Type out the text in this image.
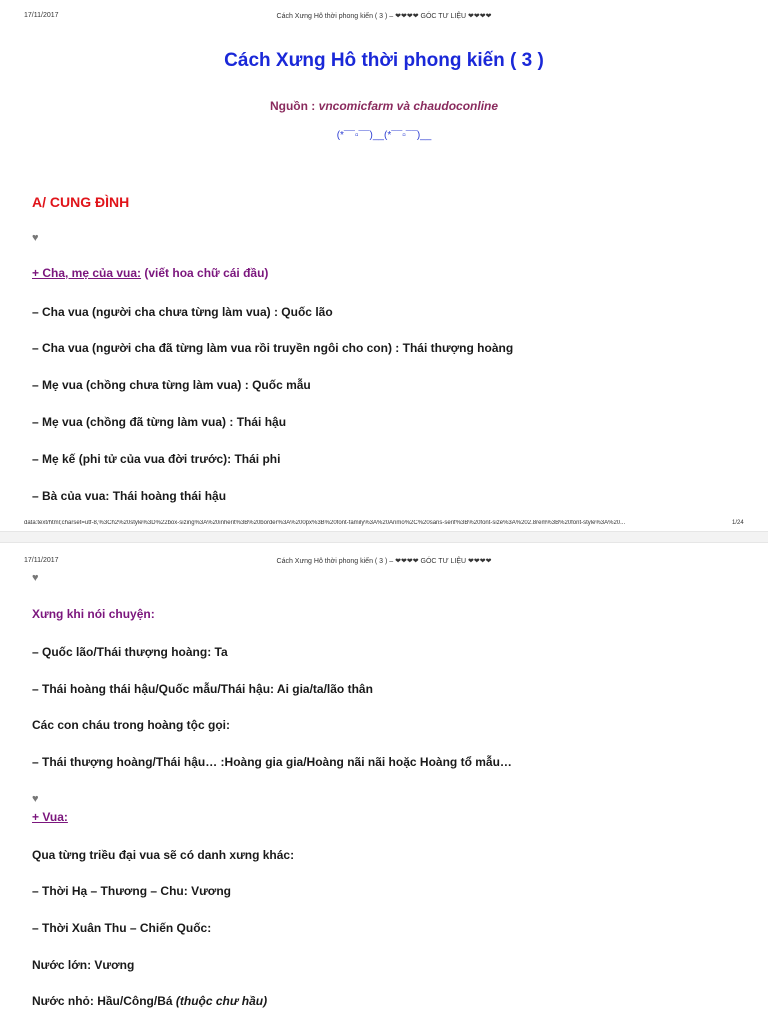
17/11/2017	Cách Xưng Hô thời phong kiến ( 3 ) – ❤❤❤❤ GÓC TƯ LIỆU ❤❤❤❤
Cách Xưng Hô thời phong kiến ( 3 )
Nguồn : vncomicfarm và chaudoconline
(*¯¯▫¯¯)__(*¯¯▫¯¯)__
A/ CUNG ĐÌNH
♥
+ Cha, mẹ của vua: (viết hoa chữ cái đầu)
– Cha vua (người cha chưa từng làm vua) : Quốc lão
– Cha vua (người cha đã từng làm vua rồi truyền ngôi cho con) : Thái thượng hoàng
– Mẹ vua (chồng chưa từng làm vua) : Quốc mẫu
– Mẹ vua (chồng đã từng làm vua) : Thái hậu
– Mẹ kế (phi tử của vua đời trước): Thái phi
– Bà của vua: Thái hoàng thái hậu
data:text/html;charset=utf-8,%3Ch2%20style%3D%22box-sizing%3A%20inherit%3B%20border%3A%200px%3B%20font-family%3A%20Arimo%2C%20sans-serif%3B%20font-size%3A%202.8rem%3B%20font-style%3A%20...	1/24
17/11/2017	Cách Xưng Hô thời phong kiến ( 3 ) – ❤❤❤❤ GÓC TƯ LIỆU ❤❤❤❤
♥
Xưng khi nói chuyện:
– Quốc lão/Thái thượng hoàng: Ta
– Thái hoàng thái hậu/Quốc mẫu/Thái hậu: Ai gia/ta/lão thân
Các con cháu trong hoàng tộc gọi:
– Thái thượng hoàng/Thái hậu… :Hoàng gia gia/Hoàng nãi nãi hoặc Hoàng tổ mẫu…
♥
+ Vua:
Qua từng triều đại vua sẽ có danh xưng khác:
– Thời Hạ – Thương – Chu: Vương
– Thời Xuân Thu – Chiến Quốc:
Nước lớn: Vương
Nước nhỏ: Hầu/Công/Bá (thuộc chư hầu)
